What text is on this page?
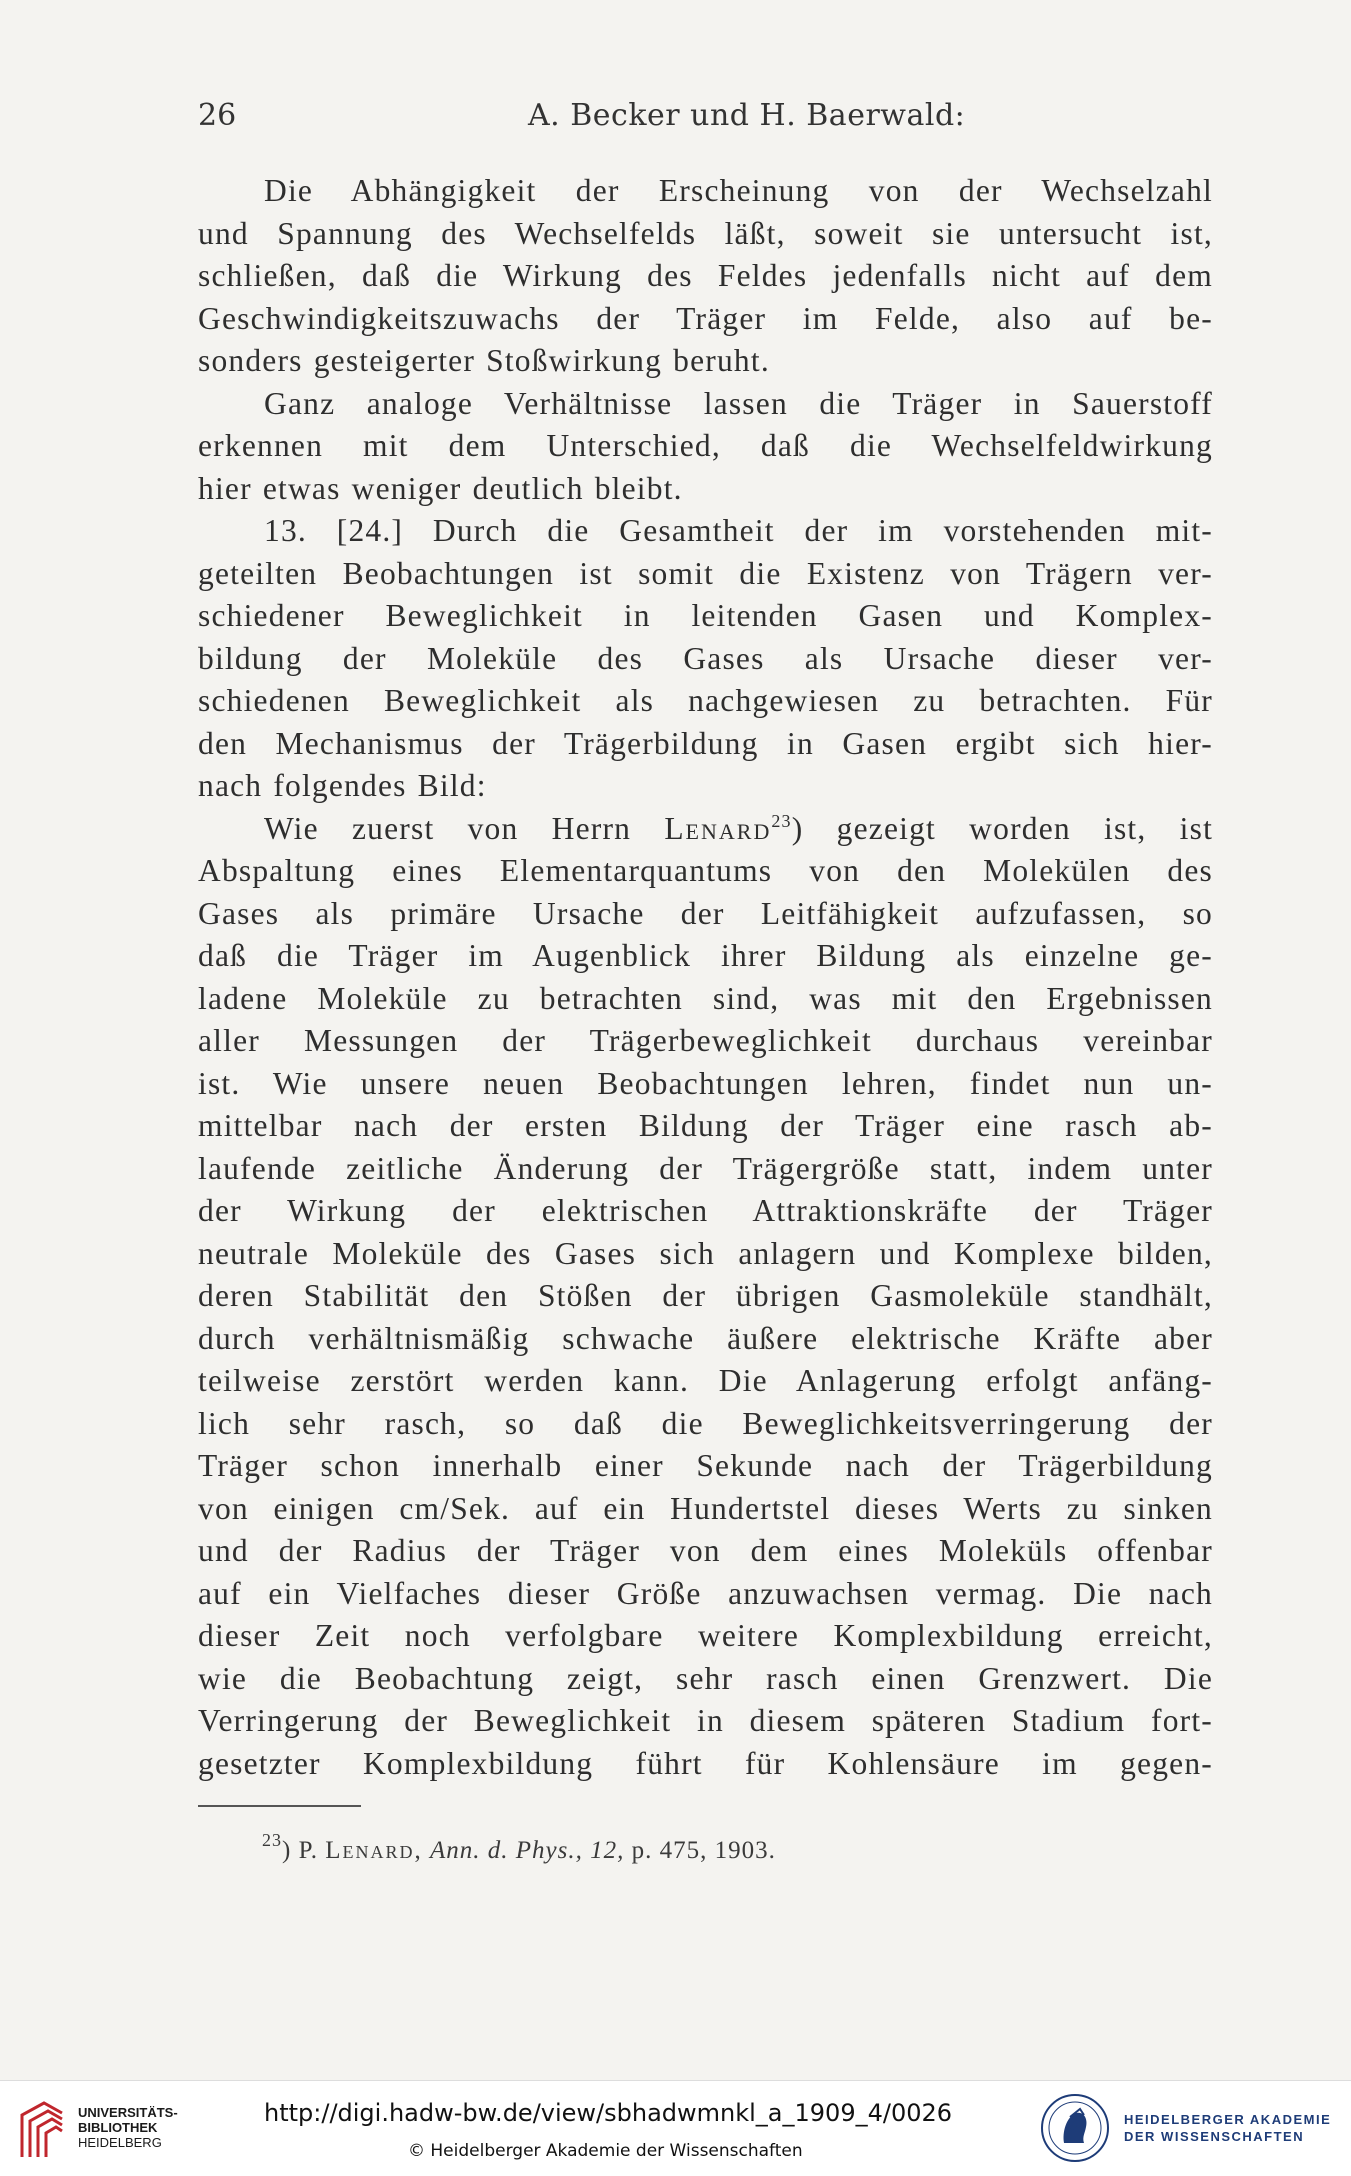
26	A. Becker und H. Baerwald:
Die Abhängigkeit der Erscheinung von der Wechselzahl
und Spannung des Wechselfelds läßt, soweit sie untersucht ist,
schließen, daß die Wirkung des Feldes jedenfalls nicht auf dem
Geschwindigkeitszuwachs der Träger im Felde, also auf be-
sonders gesteigerter Stoßwirkung beruht.
Ganz analoge Verhältnisse lassen die Träger in Sauerstoff
erkennen mit dem Unterschied, daß die Wechselfeldwirkung
hier etwas weniger deutlich bleibt.
13. [24.] Durch die Gesamtheit der im vorstehenden mit-
geteilten Beobachtungen ist somit die Existenz von Trägern ver-
schiedener Beweglichkeit in leitenden Gasen und Komplex-
bildung der Moleküle des Gases als Ursache dieser ver-
schiedenen Beweglichkeit als nachgewiesen zu betrachten. Für
den Mechanismus der Trägerbildung in Gasen ergibt sich hier-
nach folgendes Bild:
Wie zuerst von Herrn Lenard$^{23}$) gezeigt worden ist, ist
Abspaltung eines Elementarquantums von den Molekülen des
Gases als primäre Ursache der Leitfähigkeit aufzufassen, so
daß die Träger im Augenblick ihrer Bildung als einzelne ge-
ladene Moleküle zu betrachten sind, was mit den Ergebnissen
aller Messungen der Trägerbeweglichkeit durchaus vereinbar
ist. Wie unsere neuen Beobachtungen lehren, findet nun un-
mittelbar nach der ersten Bildung der Träger eine rasch ab-
laufende zeitliche Änderung der Trägergröße statt, indem unter
der Wirkung der elektrischen Attraktionskräfte der Träger
neutrale Moleküle des Gases sich anlagern und Komplexe bilden,
deren Stabilität den Stößen der übrigen Gasmoleküle standhält,
durch verhältnismäßig schwache äußere elektrische Kräfte aber
teilweise zerstört werden kann. Die Anlagerung erfolgt anfäng-
lich sehr rasch, so daß die Beweglichkeitsverringerung der
Träger schon innerhalb einer Sekunde nach der Trägerbildung
von einigen cm/Sek. auf ein Hundertstel dieses Werts zu sinken
und der Radius der Träger von dem eines Moleküls offenbar
auf ein Vielfaches dieser Größe anzuwachsen vermag. Die nach
dieser Zeit noch verfolgbare weitere Komplexbildung erreicht,
wie die Beobachtung zeigt, sehr rasch einen Grenzwert. Die
Verringerung der Beweglichkeit in diesem späteren Stadium fort-
gesetzter Komplexbildung führt für Kohlensäure im gegen-
$^{23}$) P. Lenard, Ann. d. Phys., 12, p. 475, 1903.
UNIVERSITÄTS-
BIBLIOTHEK
HEIDELBERG
http://digi.hadw-bw.de/view/sbhadwmnkl_a_1909_4/0026
© Heidelberger Akademie der Wissenschaften
HEIDELBERGER AKADEMIE
DER WISSENSCHAFTEN
